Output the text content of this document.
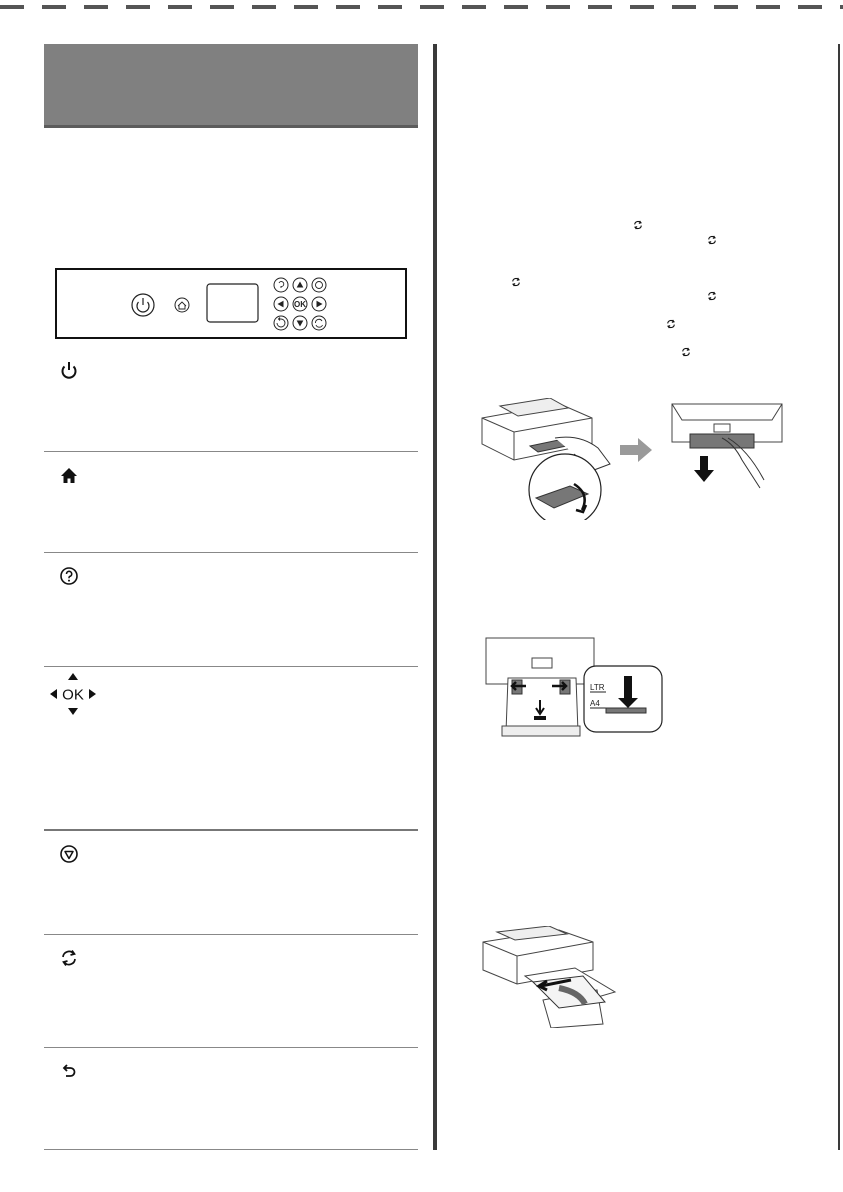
OK
OK	LTR
A4
